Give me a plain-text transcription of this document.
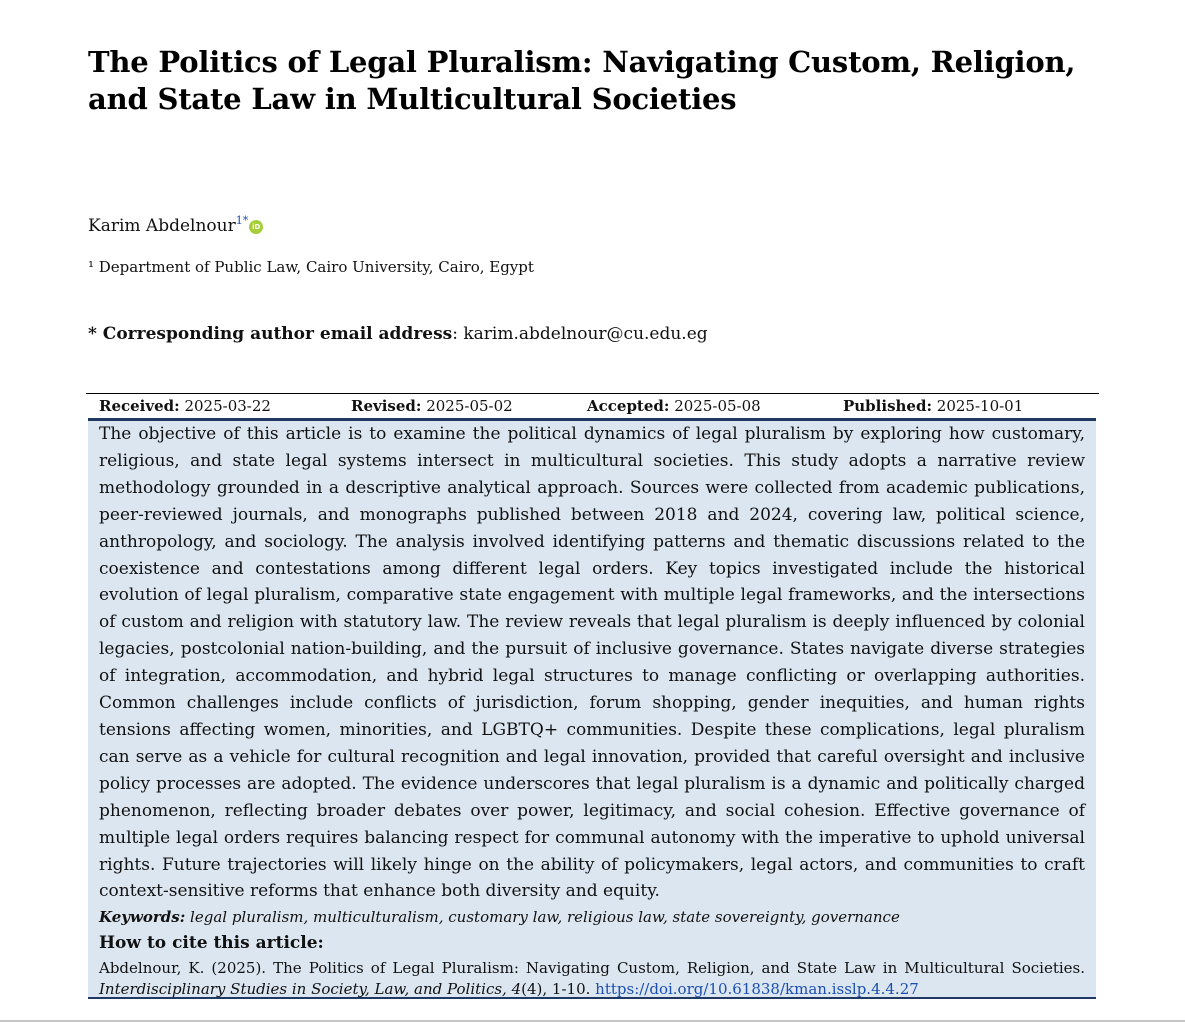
The Politics of Legal Pluralism: Navigating Custom, Religion, and State Law in Multicultural Societies
Karim Abdelnour$^{1*}$ iD
¹ Department of Public Law, Cairo University, Cairo, Egypt
* Corresponding author email address: karim.abdelnour@cu.edu.eg
Received: 2025-03-22	Revised: 2025-05-02	Accepted: 2025-05-08	Published: 2025-10-01
The objective of this article is to examine the political dynamics of legal pluralism by exploring how customary, religious, and state legal systems intersect in multicultural societies. This study adopts a narrative review methodology grounded in a descriptive analytical approach. Sources were collected from academic publications, peer-reviewed journals, and monographs published between 2018 and 2024, covering law, political science, anthropology, and sociology. The analysis involved identifying patterns and thematic discussions related to the coexistence and contestations among different legal orders. Key topics investigated include the historical evolution of legal pluralism, comparative state engagement with multiple legal frameworks, and the intersections of custom and religion with statutory law. The review reveals that legal pluralism is deeply influenced by colonial legacies, postcolonial nation-building, and the pursuit of inclusive governance. States navigate diverse strategies of integration, accommodation, and hybrid legal structures to manage conflicting or overlapping authorities. Common challenges include conflicts of jurisdiction, forum shopping, gender inequities, and human rights tensions affecting women, minorities, and LGBTQ+ communities. Despite these complications, legal pluralism can serve as a vehicle for cultural recognition and legal innovation, provided that careful oversight and inclusive policy processes are adopted. The evidence underscores that legal pluralism is a dynamic and politically charged phenomenon, reflecting broader debates over power, legitimacy, and social cohesion. Effective governance of multiple legal orders requires balancing respect for communal autonomy with the imperative to uphold universal rights. Future trajectories will likely hinge on the ability of policymakers, legal actors, and communities to craft context-sensitive reforms that enhance both diversity and equity.
Keywords: legal pluralism, multiculturalism, customary law, religious law, state sovereignty, governance
How to cite this article:
Abdelnour, K. (2025). The Politics of Legal Pluralism: Navigating Custom, Religion, and State Law in Multicultural Societies. Interdisciplinary Studies in Society, Law, and Politics, 4(4), 1-10. https://doi.org/10.61838/kman.isslp.4.4.27
